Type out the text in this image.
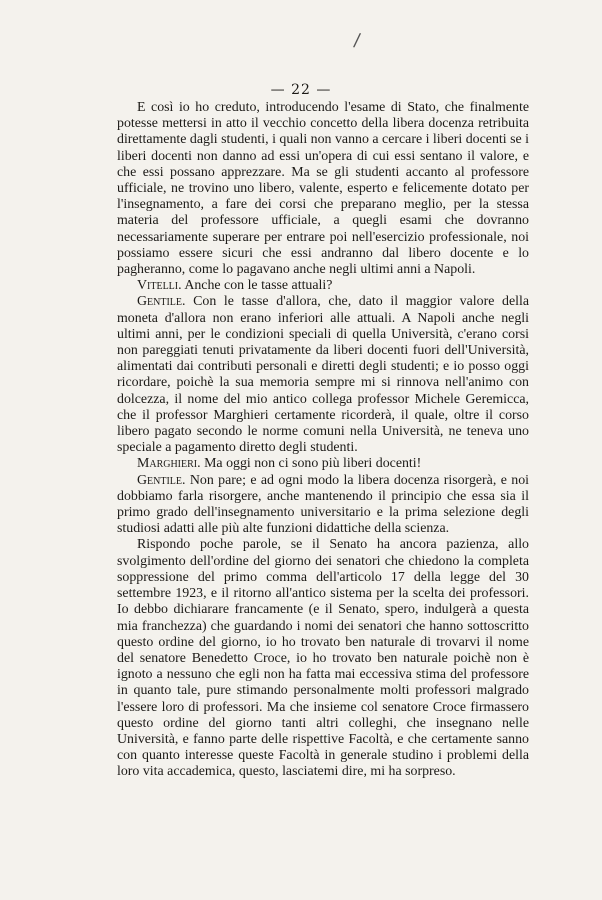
/
— 22 —

E così io ho creduto, introducendo l'esame di Stato, che finalmente potesse mettersi in atto il vecchio concetto della libera docenza retribuita direttamente dagli studenti, i quali non vanno a cercare i liberi docenti se i liberi docenti non danno ad essi un'opera di cui essi sentano il valore, e che essi possano apprezzare. Ma se gli studenti accanto al professore ufficiale, ne trovino uno libero, valente, esperto e felicemente dotato per l'insegnamento, a fare dei corsi che preparano meglio, per la stessa materia del professore ufficiale, a quegli esami che dovranno necessariamente superare per entrare poi nell'esercizio professionale, noi possiamo essere sicuri che essi andranno dal libero docente e lo pagheranno, come lo pagavano anche negli ultimi anni a Napoli.

Vitelli. Anche con le tasse attuali?

Gentile. Con le tasse d'allora, che, dato il maggior valore della moneta d'allora non erano inferiori alle attuali. A Napoli anche negli ultimi anni, per le condizioni speciali di quella Università, c'erano corsi non pareggiati tenuti privatamente da liberi docenti fuori dell'Università, alimentati dai contributi personali e diretti degli studenti; e io posso oggi ricordare, poichè la sua memoria sempre mi si rinnova nell'animo con dolcezza, il nome del mio antico collega professor Michele Geremicca, che il professor Marghieri certamente ricorderà, il quale, oltre il corso libero pagato secondo le norme comuni nella Università, ne teneva uno speciale a pagamento diretto degli studenti.

Marghieri. Ma oggi non ci sono più liberi docenti!

Gentile. Non pare; e ad ogni modo la libera docenza risorgerà, e noi dobbiamo farla risorgere, anche mantenendo il principio che essa sia il primo grado dell'insegnamento universitario e la prima selezione degli studiosi adatti alle più alte funzioni didattiche della scienza.

Rispondo poche parole, se il Senato ha ancora pazienza, allo svolgimento dell'ordine del giorno dei senatori che chiedono la completa soppressione del primo comma dell'articolo 17 della legge del 30 settembre 1923, e il ritorno all'antico sistema per la scelta dei professori. Io debbo dichiarare francamente (e il Senato, spero, indulgerà a questa mia franchezza) che guardando i nomi dei senatori che hanno sottoscritto questo ordine del giorno, io ho trovato ben naturale di trovarvi il nome del senatore Benedetto Croce, io ho trovato ben naturale poichè non è ignoto a nessuno che egli non ha fatta mai eccessiva stima del professore in quanto tale, pure stimando personalmente molti professori malgrado l'essere loro di professori. Ma che insieme col senatore Croce firmassero questo ordine del giorno tanti altri colleghi, che insegnano nelle Università, e fanno parte delle rispettive Facoltà, e che certamente sanno con quanto interesse queste Facoltà in generale studino i problemi della loro vita accademica, questo, lasciatemi dire, mi ha sorpreso.
